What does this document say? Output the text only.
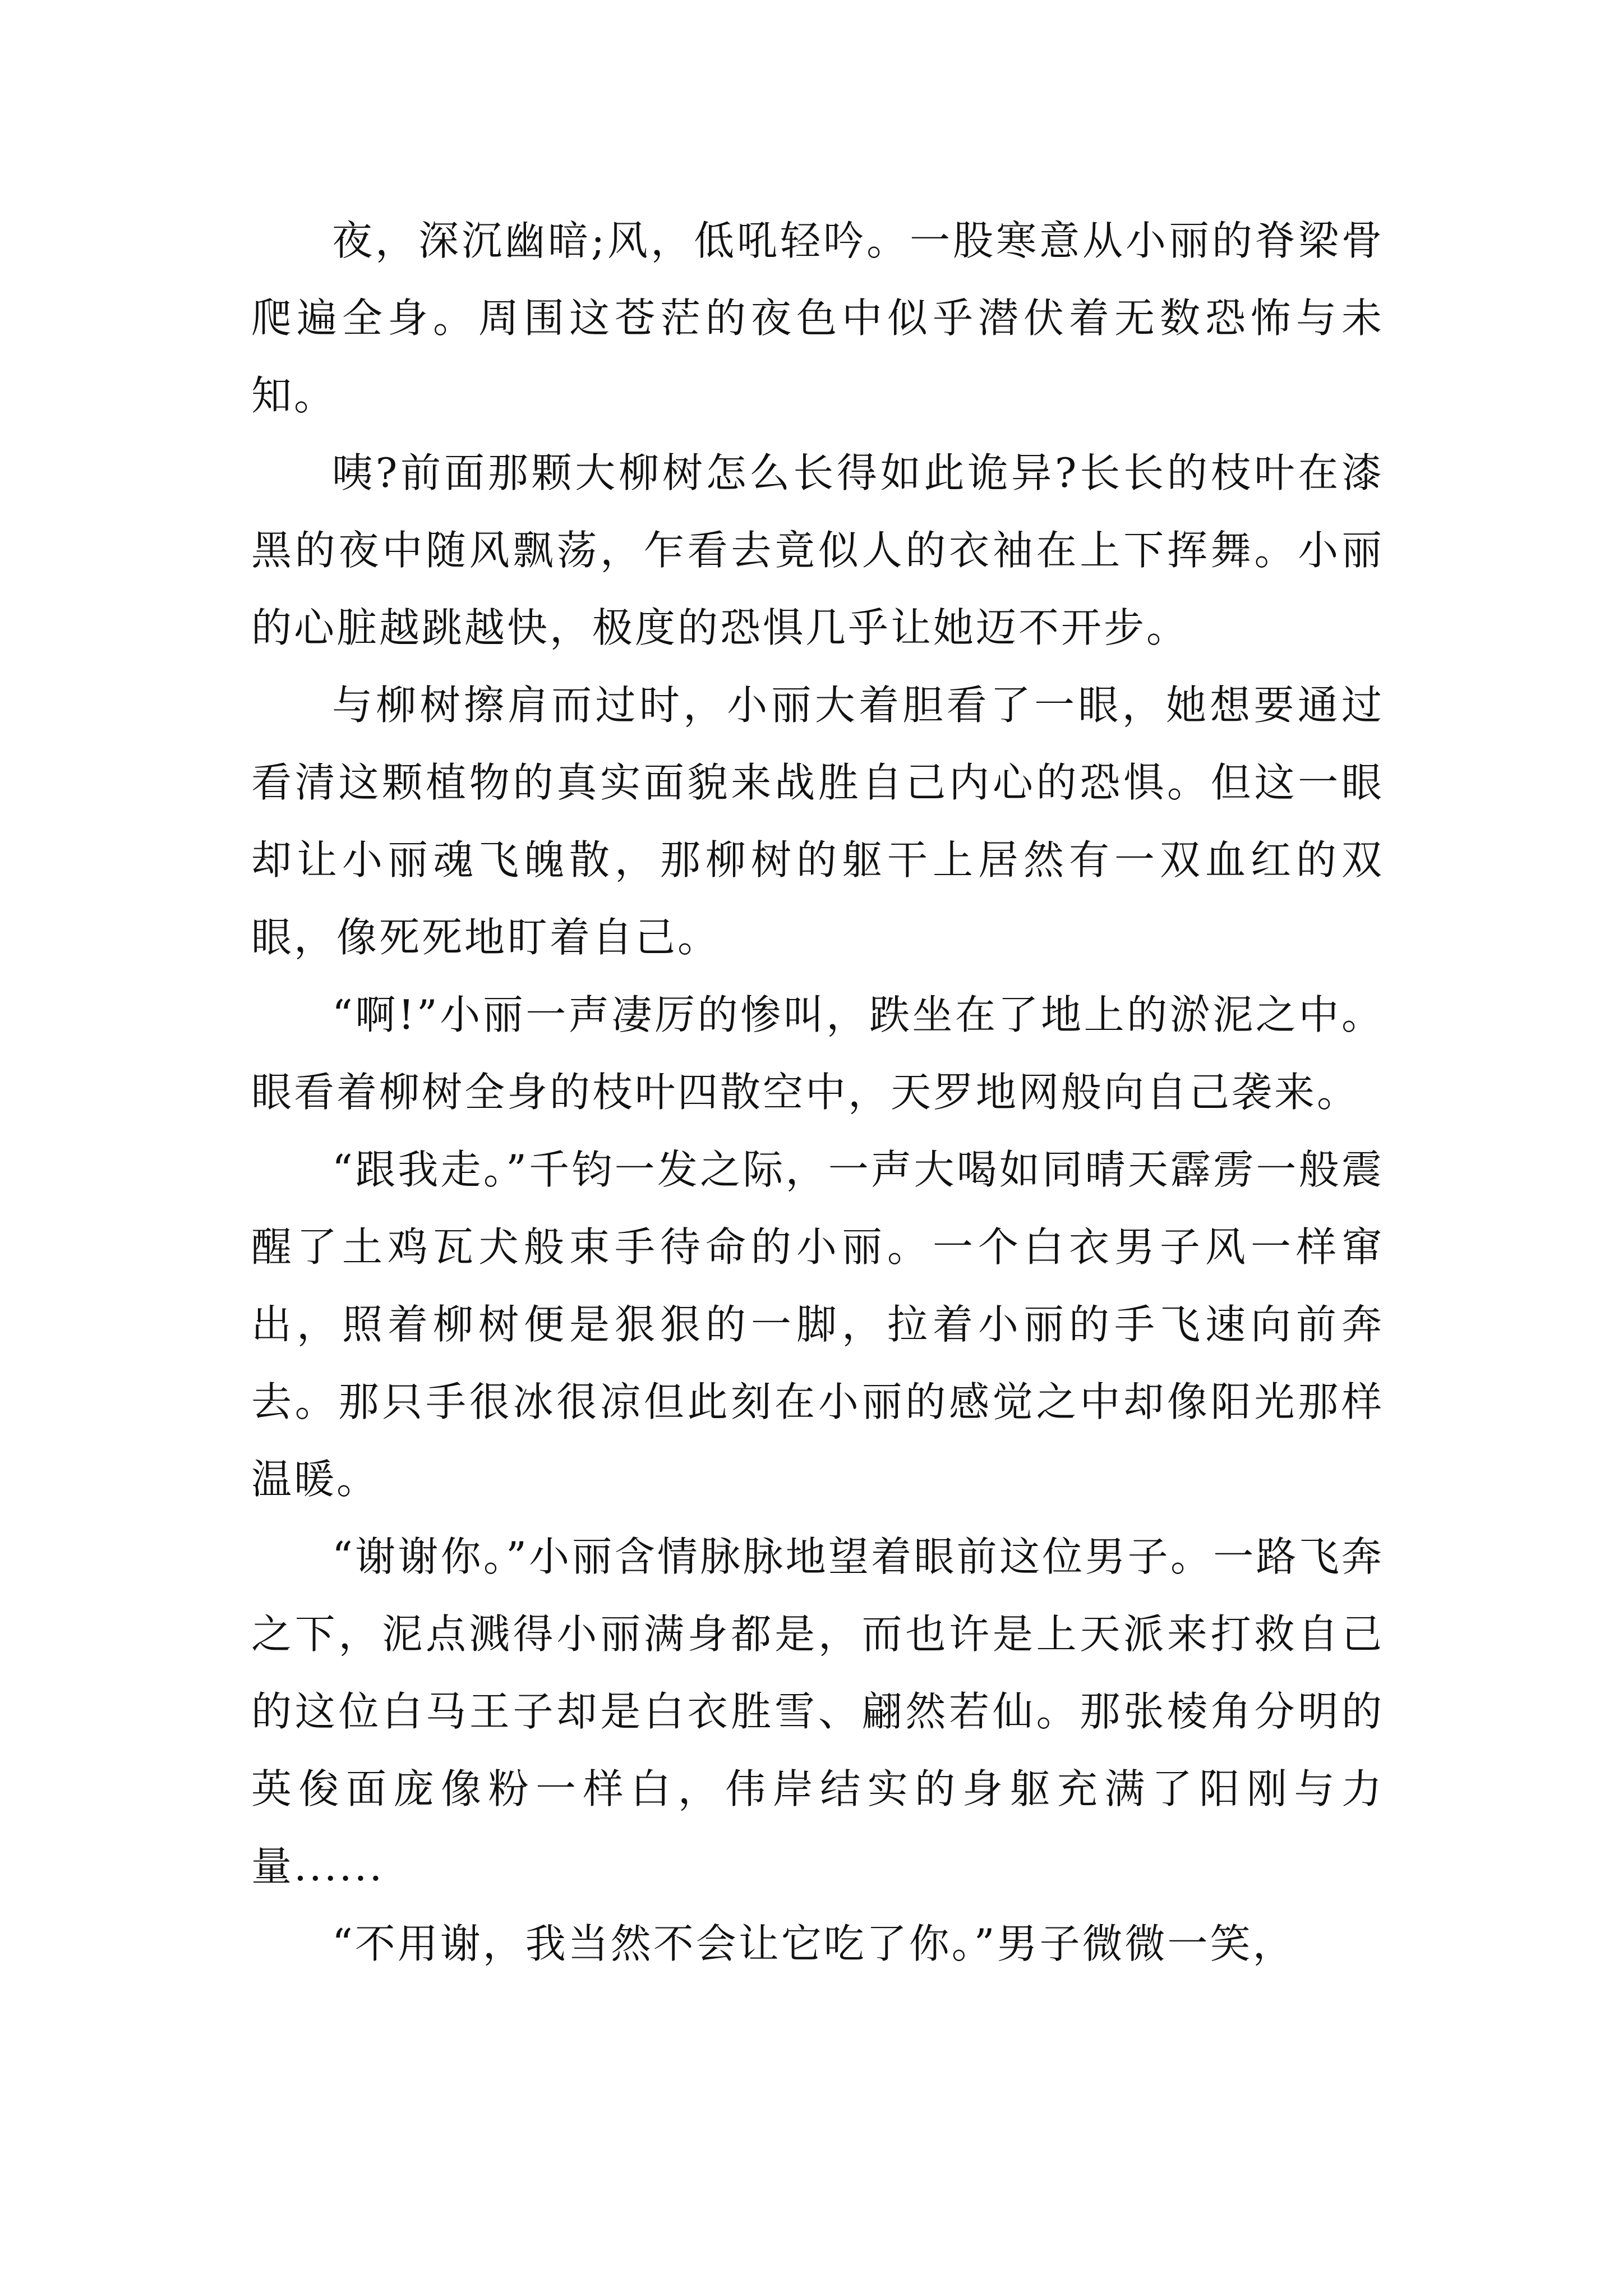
夜，深沉幽暗;风，低吼轻吟。一股寒意从小丽的脊梁骨爬遍全身。周围这苍茫的夜色中似乎潜伏着无数恐怖与未知。

咦?前面那颗大柳树怎么长得如此诡异?长长的枝叶在漆黑的夜中随风飘荡，乍看去竟似人的衣袖在上下挥舞。小丽的心脏越跳越快，极度的恐惧几乎让她迈不开步。

与柳树擦肩而过时，小丽大着胆看了一眼，她想要通过看清这颗植物的真实面貌来战胜自己内心的恐惧。但这一眼却让小丽魂飞魄散，那柳树的躯干上居然有一双血红的双眼，像死死地盯着自己。

“啊!”小丽一声凄厉的惨叫，跌坐在了地上的淤泥之中。眼看着柳树全身的枝叶四散空中，天罗地网般向自己袭来。

“跟我走。”千钧一发之际，一声大喝如同晴天霹雳一般震醒了土鸡瓦犬般束手待命的小丽。一个白衣男子风一样窜出，照着柳树便是狠狠的一脚，拉着小丽的手飞速向前奔去。那只手很冰很凉但此刻在小丽的感觉之中却像阳光那样温暖。

“谢谢你。”小丽含情脉脉地望着眼前这位男子。一路飞奔之下，泥点溅得小丽满身都是，而也许是上天派来打救自己的这位白马王子却是白衣胜雪、翩然若仙。那张棱角分明的英俊面庞像粉一样白，伟岸结实的身躯充满了阳刚与力量......

“不用谢，我当然不会让它吃了你。”男子微微一笑，
